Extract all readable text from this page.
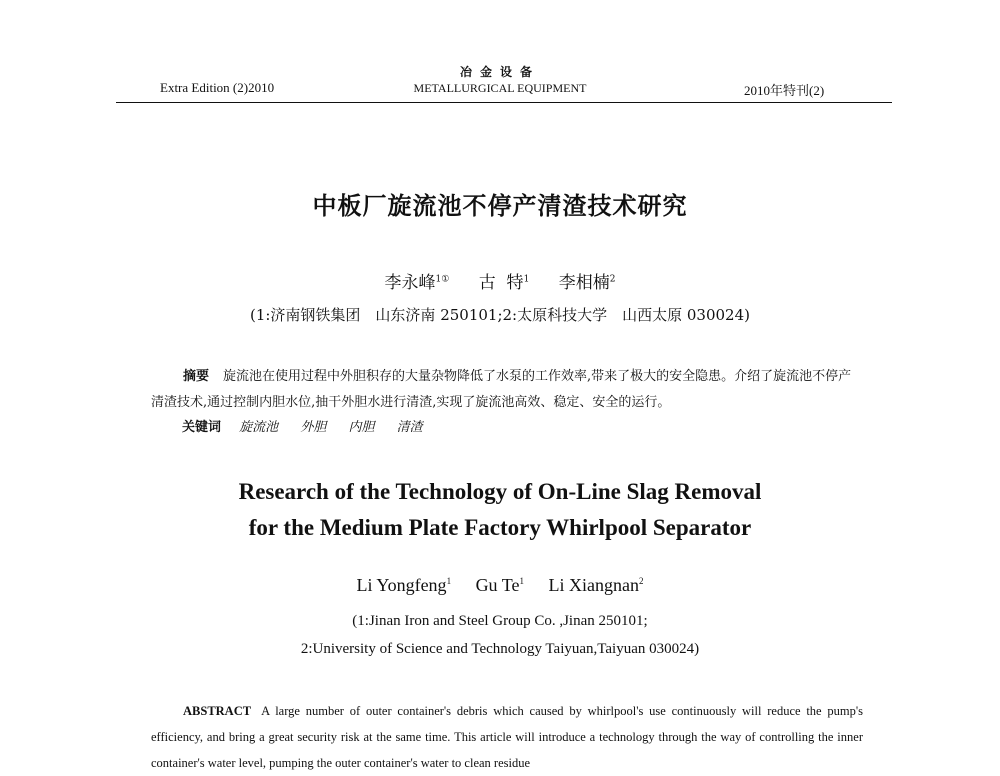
Extra Edition (2)2010
冶金设备
METALLURGICAL EQUIPMENT	2010年特刊(2)
中板厂旋流池不停产清渣技术研究
李永峰$^{1①}$ 古  特$^1$ 李相楠$^2$
(1:济南钢铁集团　山东济南 250101;2:太原科技大学　山西太原 030024)
摘要 旋流池在使用过程中外胆积存的大量杂物降低了水泵的工作效率,带来了极大的安全隐患。介绍了旋流池不停产清渣技术,通过控制内胆水位,抽干外胆水进行清渣,实现了旋流池高效、稳定、安全的运行。
关键词 旋流池 外胆 内胆 清渣
Research of the Technology of On-Line Slag Removal
for the Medium Plate Factory Whirlpool Separator
Li Yongfeng$^1$ Gu Te$^1$ Li Xiangnan$^2$
(1:Jinan Iron and Steel Group Co. ,Jinan 250101;
2:University of Science and Technology Taiyuan,Taiyuan 030024)
ABSTRACT A large number of outer container's debris which caused by whirlpool's use continuously will reduce the pump's efficiency, and bring a great security risk at the same time. This article will introduce a technology through the way of controlling the inner container's water level, pumping the outer container's water to clean residue
